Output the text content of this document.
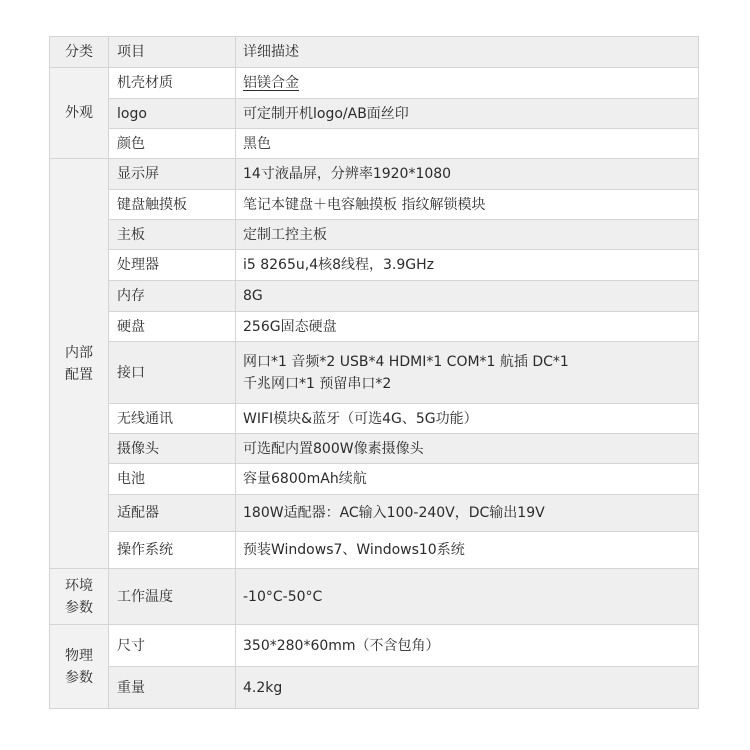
分类	项目	详细描述
外观	机壳材质	铝镁合金
	logo	可定制开机logo/AB面丝印
	颜色	黑色
内部
配置	显示屏	14寸液晶屏，分辨率1920*1080
	键盘触摸板	笔记本键盘＋电容触摸板 指纹解锁模块
	主板	定制工控主板
	处理器	i5 8265u,4核8线程，3.9GHz
	内存	8G
	硬盘	256G固态硬盘
	接口	网口*1 音频*2 USB*4 HDMI*1 COM*1 航插 DC*1
千兆网口*1 预留串口*2
	无线通讯	WIFI模块&蓝牙（可选4G、5G功能）
	摄像头	可选配内置800W像素摄像头
	电池	容量6800mAh续航
	适配器	180W适配器：AC输入100-240V，DC输出19V
	操作系统	预装Windows7、Windows10系统
环境
参数	工作温度	-10°C-50°C
物理
参数	尺寸	350*280*60mm（不含包角）
	重量	4.2kg
